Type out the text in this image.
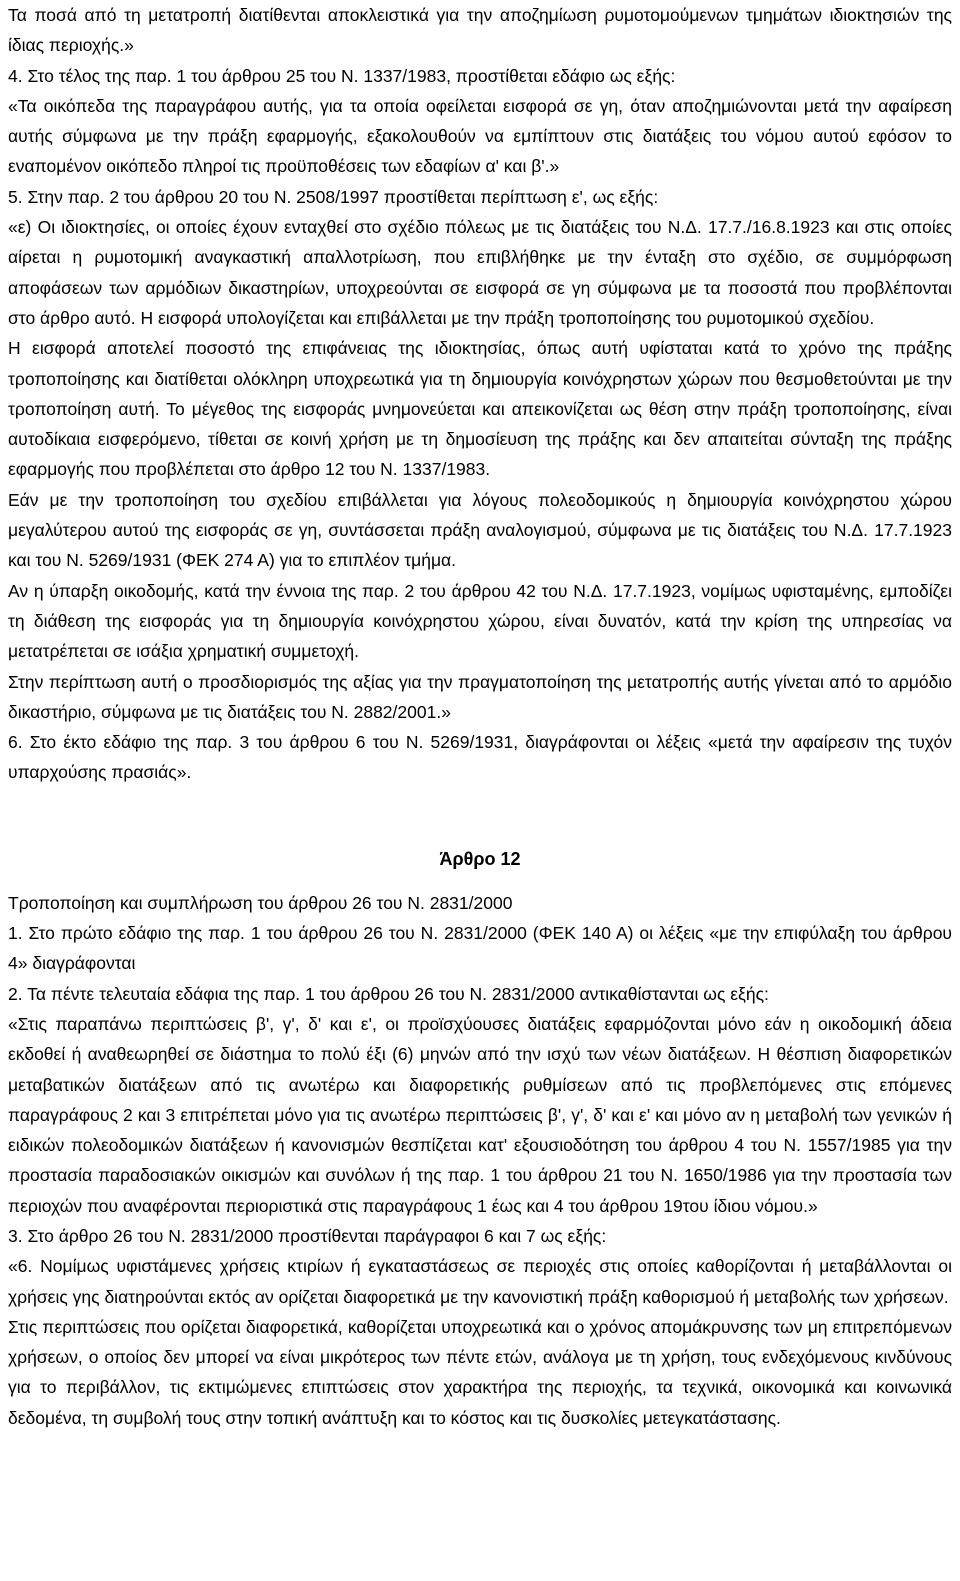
Τα ποσά από τη μετατροπή διατίθενται αποκλειστικά για την αποζημίωση ρυμοτομούμενων τμημάτων ιδιοκτησιών της ίδιας περιοχής.»

4. Στο τέλος της παρ. 1 του άρθρου 25 του Ν. 1337/1983, προστίθεται εδάφιο ως εξής:

«Τα οικόπεδα της παραγράφου αυτής, για τα οποία οφείλεται εισφορά σε γη, όταν αποζημιώνονται μετά την αφαίρεση αυτής σύμφωνα με την πράξη εφαρμογής, εξακολουθούν να εμπίπτουν στις διατάξεις του νόμου αυτού εφόσον το εναπομένον οικόπεδο πληροί τις προϋποθέσεις των εδαφίων α' και β'.»

5. Στην παρ. 2 του άρθρου 20 του Ν. 2508/1997 προστίθεται περίπτωση ε', ως εξής:

«ε) Οι ιδιοκτησίες, οι οποίες έχουν ενταχθεί στο σχέδιο πόλεως με τις διατάξεις του Ν.Δ. 17.7./16.8.1923 και στις οποίες αίρεται η ρυμοτομική αναγκαστική απαλλοτρίωση, που επιβλήθηκε με την ένταξη στο σχέδιο, σε συμμόρφωση αποφάσεων των αρμόδιων δικαστηρίων, υποχρεούνται σε εισφορά σε γη σύμφωνα με τα ποσοστά που προβλέπονται στο άρθρο αυτό. Η εισφορά υπολογίζεται και επιβάλλεται με την πράξη τροποποίησης του ρυμοτομικού σχεδίου.

Η εισφορά αποτελεί ποσοστό της επιφάνειας της ιδιοκτησίας, όπως αυτή υφίσταται κατά το χρόνο της πράξης τροποποίησης και διατίθεται ολόκληρη υποχρεωτικά για τη δημιουργία κοινόχρηστων χώρων που θεσμοθετούνται με την τροποποίηση αυτή. Το μέγεθος της εισφοράς μνημονεύεται και απεικονίζεται ως θέση στην πράξη τροποποίησης, είναι αυτοδίκαια εισφερόμενο, τίθεται σε κοινή χρήση με τη δημοσίευση της πράξης και δεν απαιτείται σύνταξη της πράξης εφαρμογής που προβλέπεται στο άρθρο 12 του Ν. 1337/1983.

Εάν με την τροποποίηση του σχεδίου επιβάλλεται για λόγους πολεοδομικούς η δημιουργία κοινόχρηστου χώρου μεγαλύτερου αυτού της εισφοράς σε γη, συντάσσεται πράξη αναλογισμού, σύμφωνα με τις διατάξεις του Ν.Δ. 17.7.1923 και του Ν. 5269/1931 (ΦΕΚ 274 Α) για το επιπλέον τμήμα.

Αν η ύπαρξη οικοδομής, κατά την έννοια της παρ. 2 του άρθρου 42 του Ν.Δ. 17.7.1923, νομίμως υφισταμένης, εμποδίζει τη διάθεση της εισφοράς για τη δημιουργία κοινόχρηστου χώρου, είναι δυνατόν, κατά την κρίση της υπηρεσίας να μετατρέπεται σε ισάξια χρηματική συμμετοχή.

Στην περίπτωση αυτή ο προσδιορισμός της αξίας για την πραγματοποίηση της μετατροπής αυτής γίνεται από το αρμόδιο δικαστήριο, σύμφωνα με τις διατάξεις του Ν. 2882/2001.»

6. Στο έκτο εδάφιο της παρ. 3 του άρθρου 6 του Ν. 5269/1931, διαγράφονται οι λέξεις «μετά την αφαίρεσιν της τυχόν υπαρχούσης πρασιάς».

Άρθρο 12

Τροποποίηση και συμπλήρωση του άρθρου 26 του Ν. 2831/2000

1. Στο πρώτο εδάφιο της παρ. 1 του άρθρου 26 του Ν. 2831/2000 (ΦΕΚ 140 Α) οι λέξεις «με την επιφύλαξη του άρθρου 4» διαγράφονται

2. Τα πέντε τελευταία εδάφια της παρ. 1 του άρθρου 26 του Ν. 2831/2000 αντικαθίστανται ως εξής:

«Στις παραπάνω περιπτώσεις β', γ', δ' και ε', οι προϊσχύουσες διατάξεις εφαρμόζονται μόνο εάν η οικοδομική άδεια εκδοθεί ή αναθεωρηθεί σε διάστημα το πολύ έξι (6) μηνών από την ισχύ των νέων διατάξεων. Η θέσπιση διαφορετικών μεταβατικών διατάξεων από τις ανωτέρω και διαφορετικής ρυθμίσεων από τις προβλεπόμενες στις επόμενες παραγράφους 2 και 3 επιτρέπεται μόνο για τις ανωτέρω περιπτώσεις β', γ', δ' και ε' και μόνο αν η μεταβολή των γενικών ή ειδικών πολεοδομικών διατάξεων ή κανονισμών θεσπίζεται κατ' εξουσιοδότηση του άρθρου 4 του Ν. 1557/1985 για την προστασία παραδοσιακών οικισμών και συνόλων ή της παρ. 1 του άρθρου 21 του Ν. 1650/1986 για την προστασία των περιοχών που αναφέρονται περιοριστικά στις παραγράφους 1 έως και 4 του άρθρου 19του ίδιου νόμου.»

3. Στο άρθρο 26 του Ν. 2831/2000 προστίθενται παράγραφοι 6 και 7 ως εξής:

«6. Νομίμως υφιστάμενες χρήσεις κτιρίων ή εγκαταστάσεως σε περιοχές στις οποίες καθορίζονται ή μεταβάλλονται οι χρήσεις γης διατηρούνται εκτός αν ορίζεται διαφορετικά με την κανονιστική πράξη καθορισμού ή μεταβολής των χρήσεων.

Στις περιπτώσεις που ορίζεται διαφορετικά, καθορίζεται υποχρεωτικά και ο χρόνος απομάκρυνσης των μη επιτρεπόμενων χρήσεων, ο οποίος δεν μπορεί να είναι μικρότερος των πέντε ετών, ανάλογα με τη χρήση, τους ενδεχόμενους κινδύνους για το περιβάλλον, τις εκτιμώμενες επιπτώσεις στον χαρακτήρα της περιοχής, τα τεχνικά, οικονομικά και κοινωνικά δεδομένα, τη συμβολή τους στην τοπική ανάπτυξη και το κόστος και τις δυσκολίες μετεγκατάστασης.
